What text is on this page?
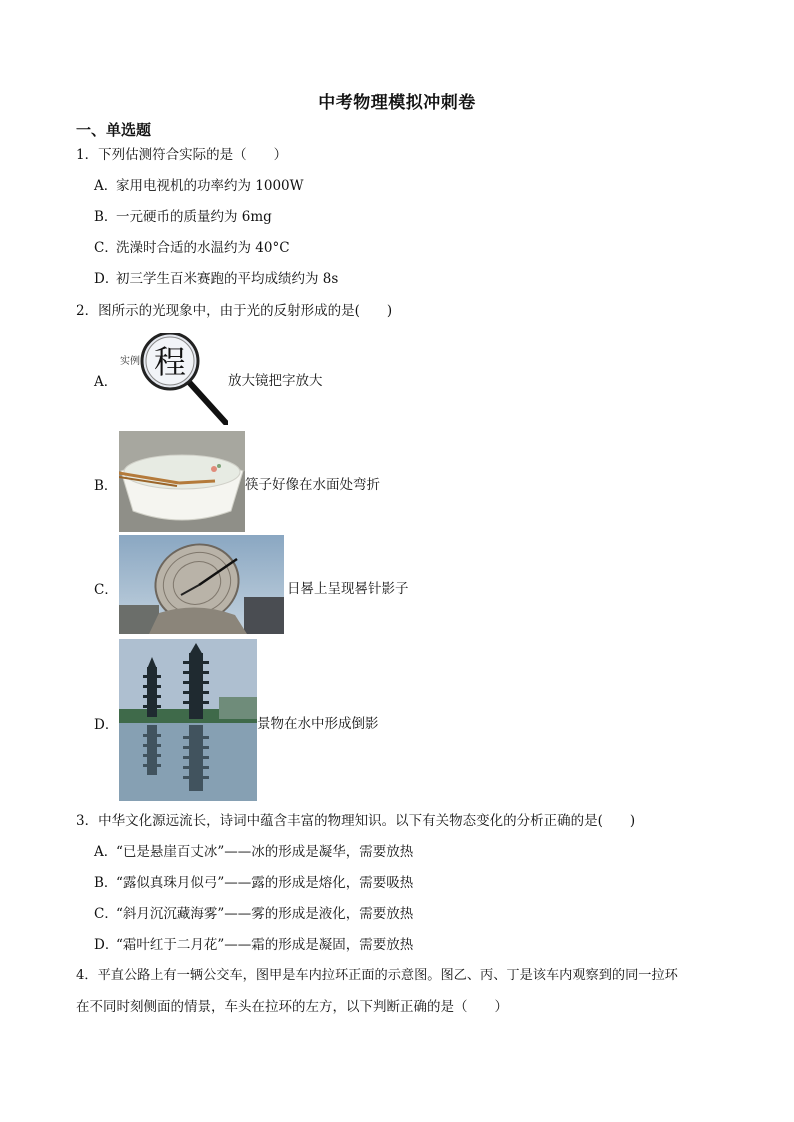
中考物理模拟冲刺卷
一、单选题
1．下列估测符合实际的是（　　）
A．家用电视机的功率约为 1000W
B．一元硬币的质量约为 6mg
C．洗澡时合适的水温约为 40°C
D．初三学生百米赛跑的平均成绩约为 8s
2．图所示的光现象中，由于光的反射形成的是(　　)
A．
实例 程	放大镜把字放大
B．	筷子好像在水面处弯折
C．	日晷上呈现晷针影子
D．	景物在水中形成倒影
3．中华文化源远流长，诗词中蕴含丰富的物理知识。以下有关物态变化的分析正确的是(　　)
A．“已是悬崖百丈冰”——冰的形成是凝华，需要放热
B．“露似真珠月似弓”——露的形成是熔化，需要吸热
C．“斜月沉沉藏海雾”——雾的形成是液化，需要放热
D．“霜叶红于二月花”——霜的形成是凝固，需要放热
4．平直公路上有一辆公交车，图甲是车内拉环正面的示意图。图乙、丙、丁是该车内观察到的同一拉环
在不同时刻侧面的情景，车头在拉环的左方，以下判断正确的是（　　）
